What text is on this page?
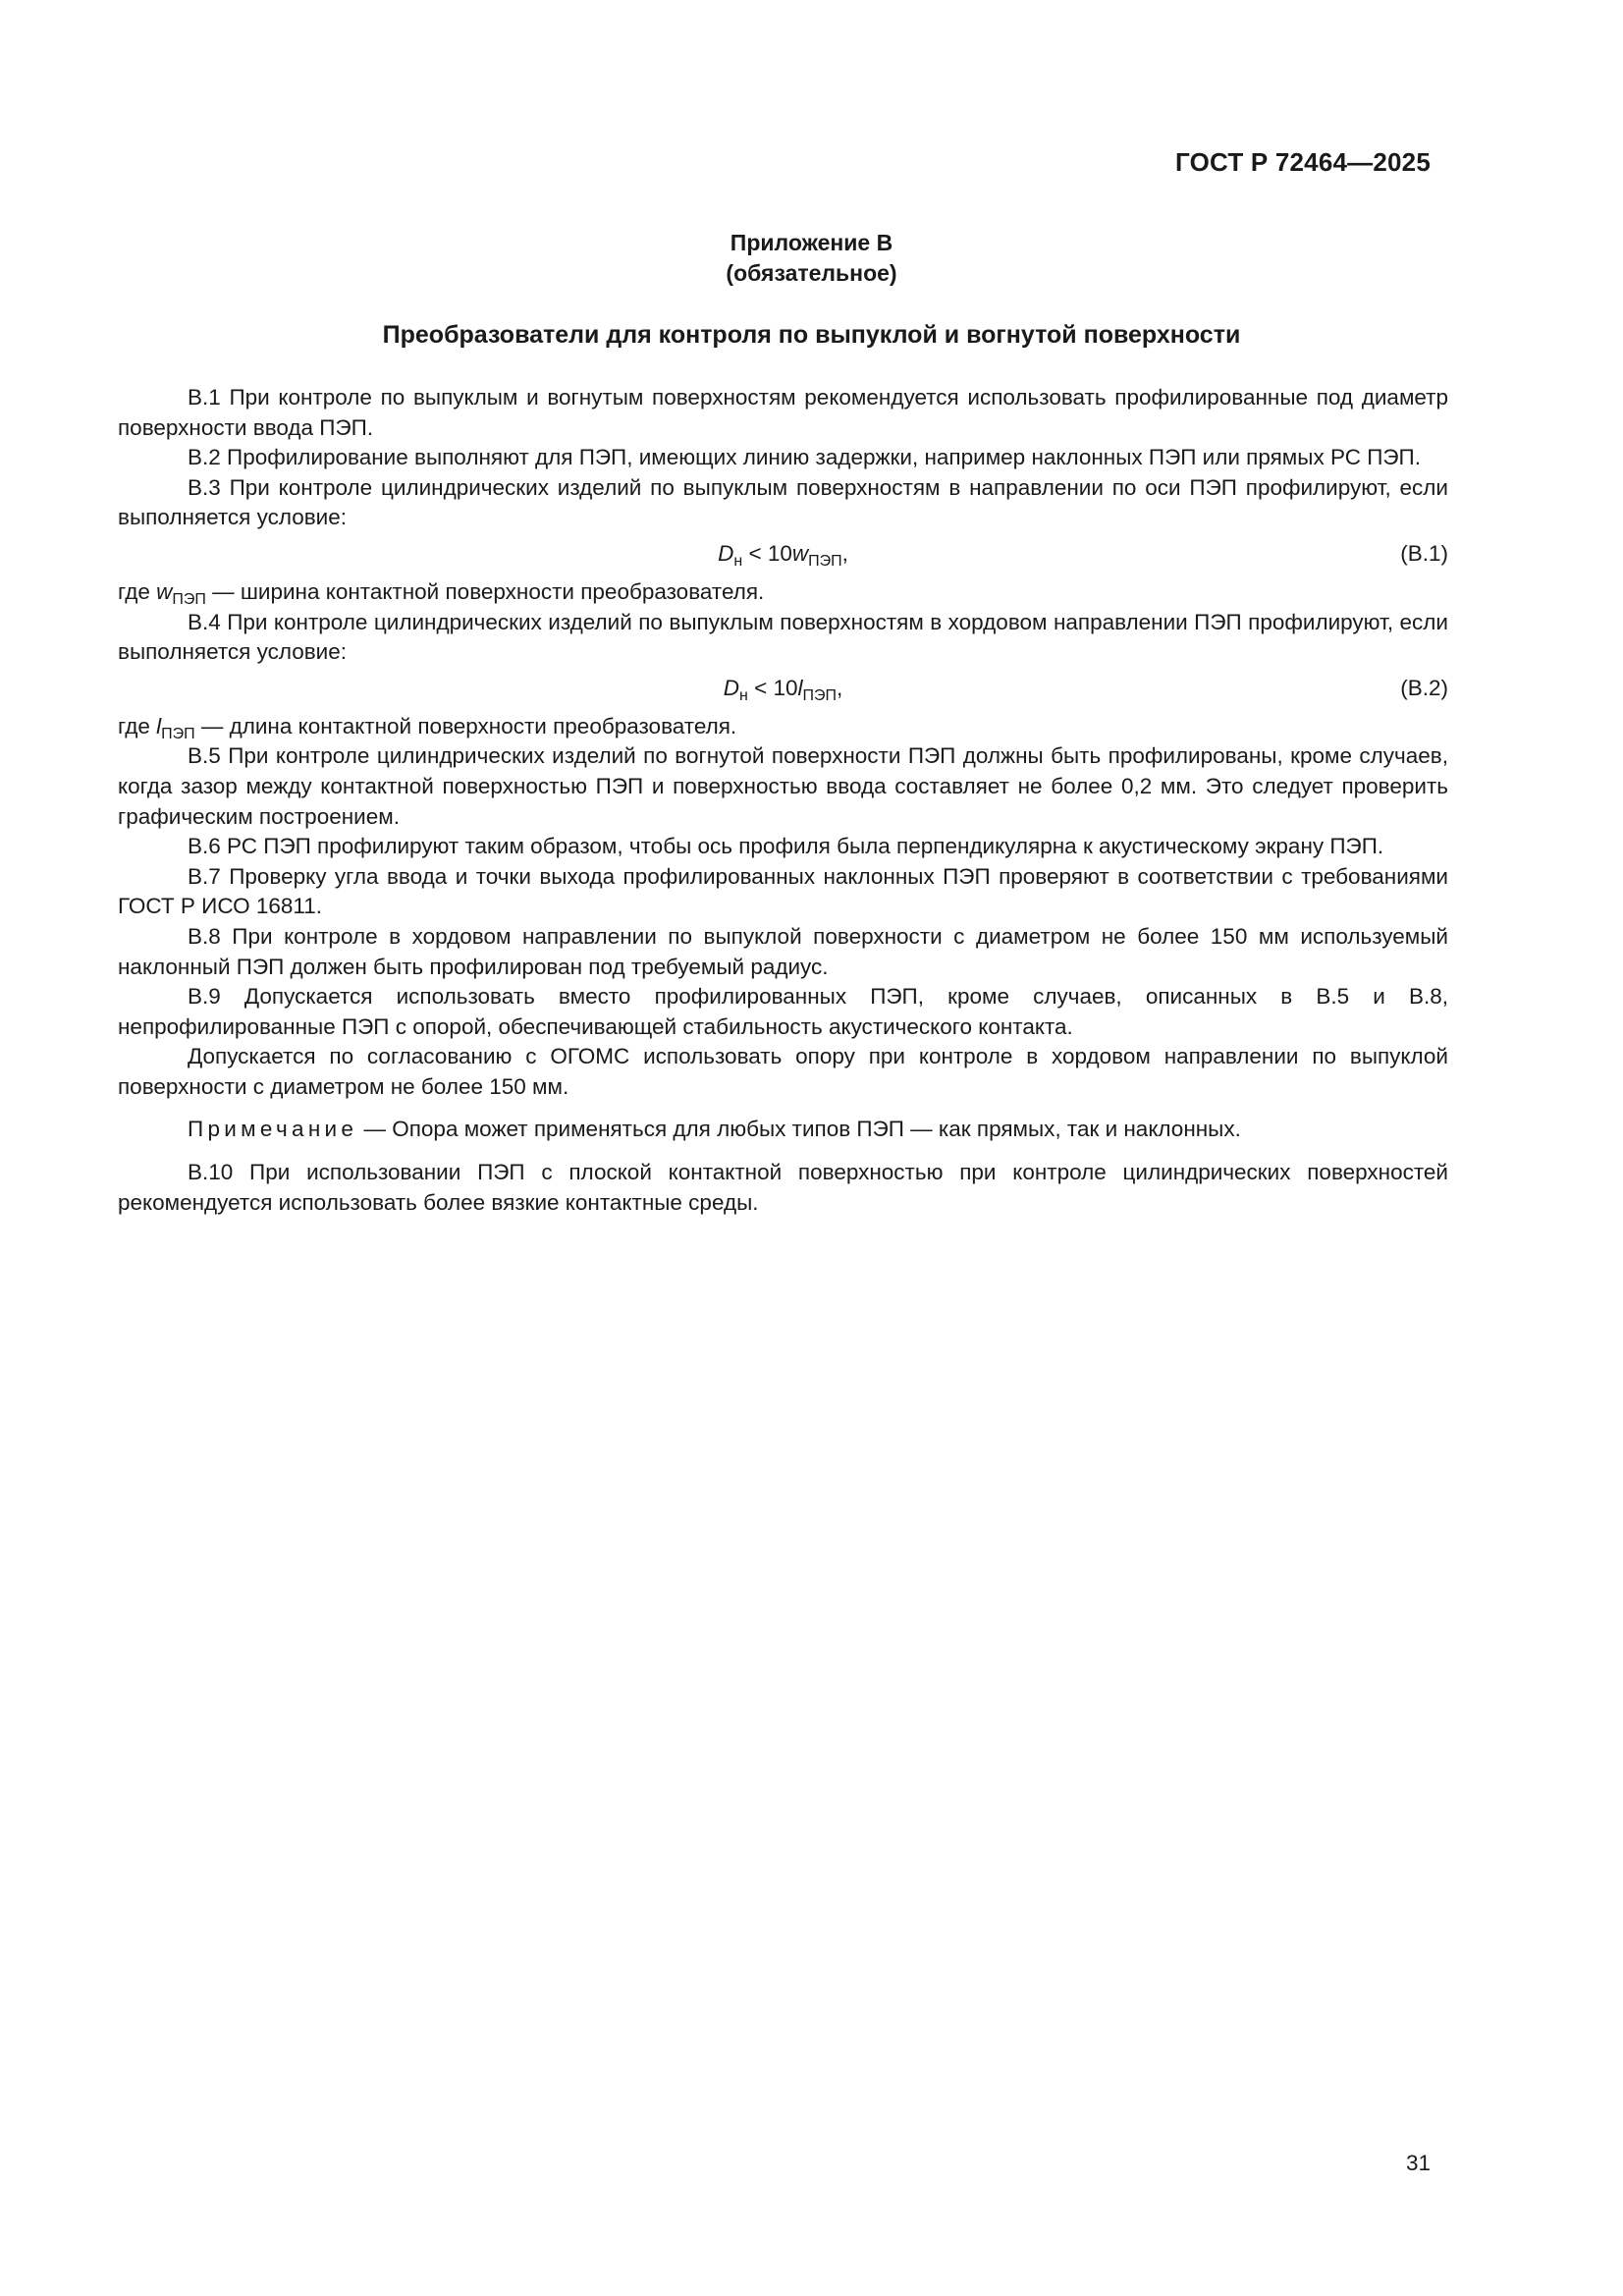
ГОСТ Р 72464—2025
Приложение В
(обязательное)
Преобразователи для контроля по выпуклой и вогнутой поверхности

В.1 При контроле по выпуклым и вогнутым поверхностям рекомендуется использовать профилированные под диаметр поверхности ввода ПЭП.

В.2 Профилирование выполняют для ПЭП, имеющих линию задержки, например наклонных ПЭП или прямых РС ПЭП.

В.3 При контроле цилиндрических изделий по выпуклым поверхностям в направлении по оси ПЭП профилируют, если выполняется условие:

$D_н < 10w_{ПЭП}$,	(В.1)

где $w_{ПЭП}$ — ширина контактной поверхности преобразователя.

В.4 При контроле цилиндрических изделий по выпуклым поверхностям в хордовом направлении ПЭП профилируют, если выполняется условие:

$D_н < 10l_{ПЭП}$,	(В.2)

где $l_{ПЭП}$ — длина контактной поверхности преобразователя.

В.5 При контроле цилиндрических изделий по вогнутой поверхности ПЭП должны быть профилированы, кроме случаев, когда зазор между контактной поверхностью ПЭП и поверхностью ввода составляет не более 0,2 мм. Это следует проверить графическим построением.

В.6 РС ПЭП профилируют таким образом, чтобы ось профиля была перпендикулярна к акустическому экрану ПЭП.

В.7 Проверку угла ввода и точки выхода профилированных наклонных ПЭП проверяют в соответствии с требованиями ГОСТ Р ИСО 16811.

В.8 При контроле в хордовом направлении по выпуклой поверхности с диаметром не более 150 мм используемый наклонный ПЭП должен быть профилирован под требуемый радиус.

В.9 Допускается использовать вместо профилированных ПЭП, кроме случаев, описанных в В.5 и В.8, непрофилированные ПЭП с опорой, обеспечивающей стабильность акустического контакта.

Допускается по согласованию с ОГОМС использовать опору при контроле в хордовом направлении по выпуклой поверхности с диаметром не более 150 мм.

Примечание — Опора может применяться для любых типов ПЭП — как прямых, так и наклонных.

В.10 При использовании ПЭП с плоской контактной поверхностью при контроле цилиндрических поверхностей рекомендуется использовать более вязкие контактные среды.

31
